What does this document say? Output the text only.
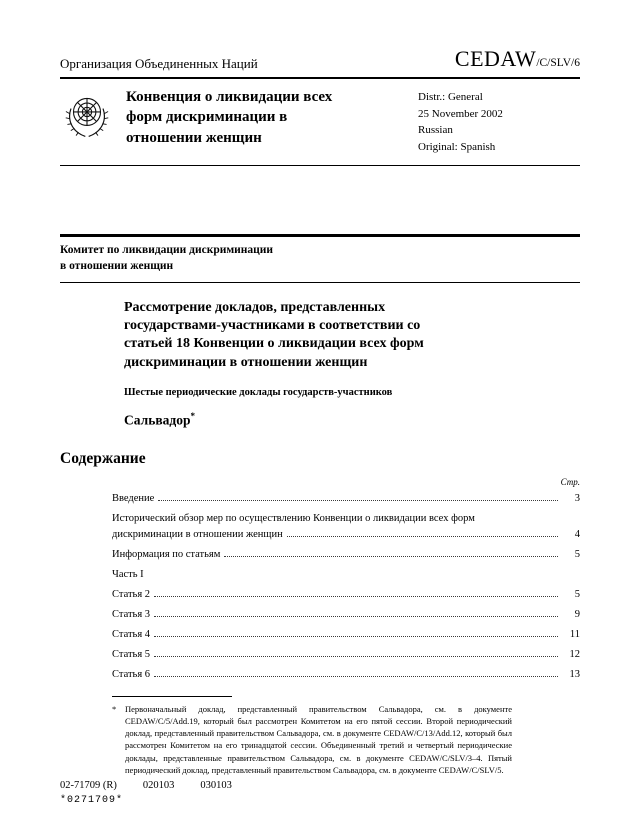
Организация Объединенных Наций	CEDAW/C/SLV/6
Конвенция о ликвидации всех форм дискриминации в отношении женщин
Distr.: General
25 November 2002
Russian
Original: Spanish
Комитет по ликвидации дискриминации
в отношении женщин
Рассмотрение докладов, представленных государствами-участниками в соответствии со статьей 18 Конвенции о ликвидации всех форм дискриминации в отношении женщин
Шестые периодические доклады государств-участников
Сальвадор*
Содержание
Стр.
Введение	3
Исторический обзор мер по осуществлению Конвенции о ликвидации всех форм
дискриминации в отношении женщин	4
Информация по статьям	5
Часть I
Статья 2	5
Статья 3	9
Статья 4	11
Статья 5	12
Статья 6	13
*	Первоначальный доклад, представленный правительством Сальвадора, см. в документе CEDAW/C/5/Add.19, который был рассмотрен Комитетом на его пятой сессии. Второй периодический доклад, представленный правительством Сальвадора, см. в документе CEDAW/C/13/Add.12, который был рассмотрен Комитетом на его тринадцатой сессии. Объединенный третий и четвертый периодические доклады, представленные правительством Сальвадора, см. в документе CEDAW/C/SLV/3–4. Пятый периодический доклад, представленный правительством Сальвадора, см. в документе CEDAW/C/SLV/5.
02-71709 (R) 020103 030103
*0271709*
